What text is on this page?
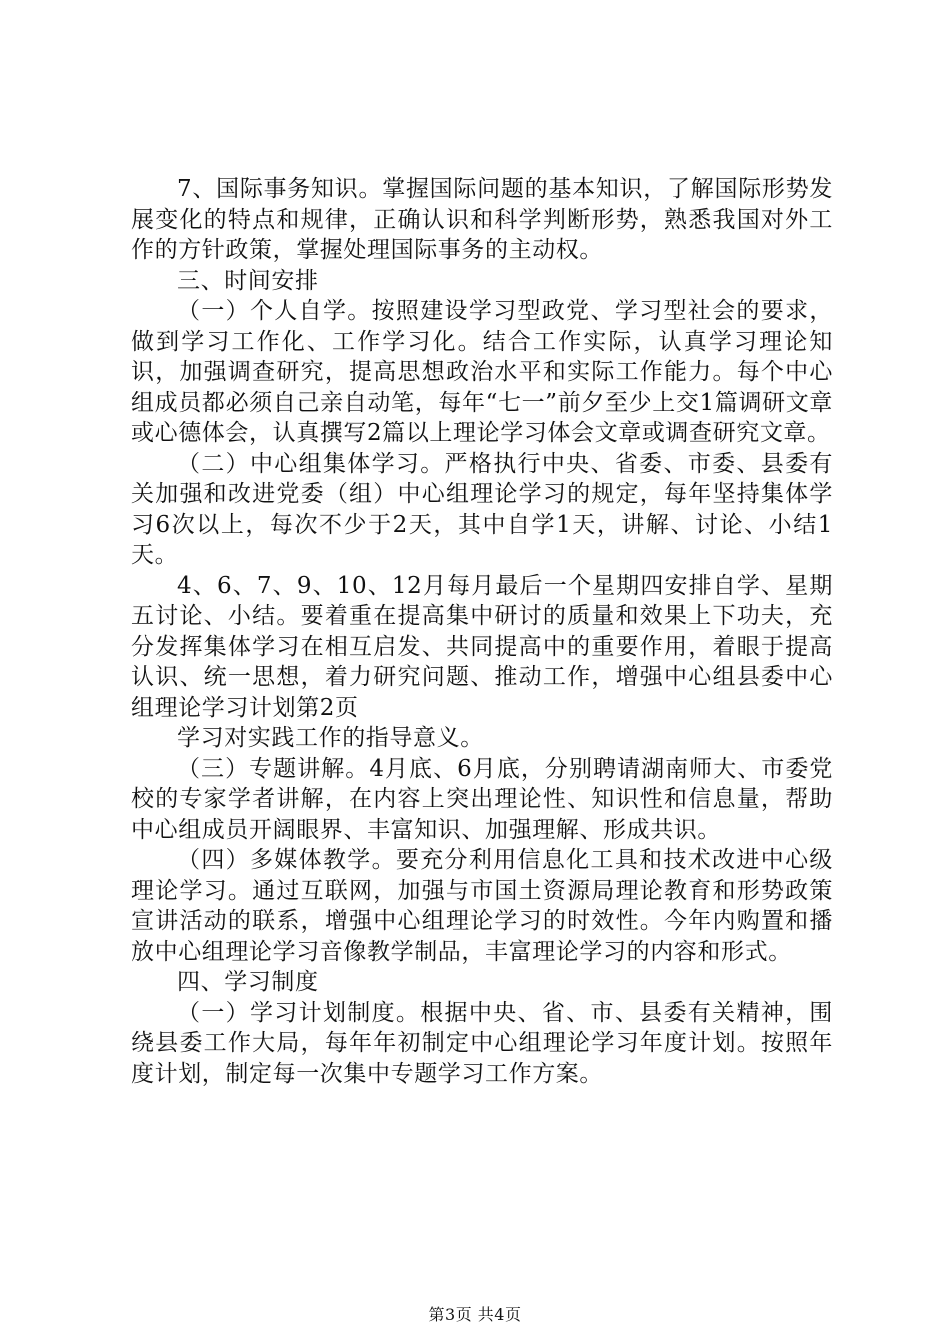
7、国际事务知识。掌握国际问题的基本知识，了解国际形势发展变化的特点和规律，正确认识和科学判断形势，熟悉我国对外工作的方针政策，掌握处理国际事务的主动权。

三、时间安排

（一）个人自学。按照建设学习型政党、学习型社会的要求，做到学习工作化、工作学习化。结合工作实际，认真学习理论知识，加强调查研究，提高思想政治水平和实际工作能力。每个中心组成员都必须自己亲自动笔，每年“七一”前夕至少上交1篇调研文章或心德体会，认真撰写2篇以上理论学习体会文章或调查研究文章。

（二）中心组集体学习。严格执行中央、省委、市委、县委有关加强和改进党委（组）中心组理论学习的规定，每年坚持集体学习6次以上，每次不少于2天，其中自学1天，讲解、讨论、小结1天。

4、6、7、9、10、12月每月最后一个星期四安排自学、星期五讨论、小结。要着重在提高集中研讨的质量和效果上下功夫，充分发挥集体学习在相互启发、共同提高中的重要作用，着眼于提高认识、统一思想，着力研究问题、推动工作，增强中心组县委中心组理论学习计划第2页

学习对实践工作的指导意义。

（三）专题讲解。4月底、6月底，分别聘请湖南师大、市委党校的专家学者讲解，在内容上突出理论性、知识性和信息量，帮助中心组成员开阔眼界、丰富知识、加强理解、形成共识。

（四）多媒体教学。要充分利用信息化工具和技术改进中心级理论学习。通过互联网，加强与市国土资源局理论教育和形势政策宣讲活动的联系，增强中心组理论学习的时效性。今年内购置和播放中心组理论学习音像教学制品，丰富理论学习的内容和形式。

四、学习制度

（一）学习计划制度。根据中央、省、市、县委有关精神，围绕县委工作大局，每年年初制定中心组理论学习年度计划。按照年度计划，制定每一次集中专题学习工作方案。

第3页 共4页
